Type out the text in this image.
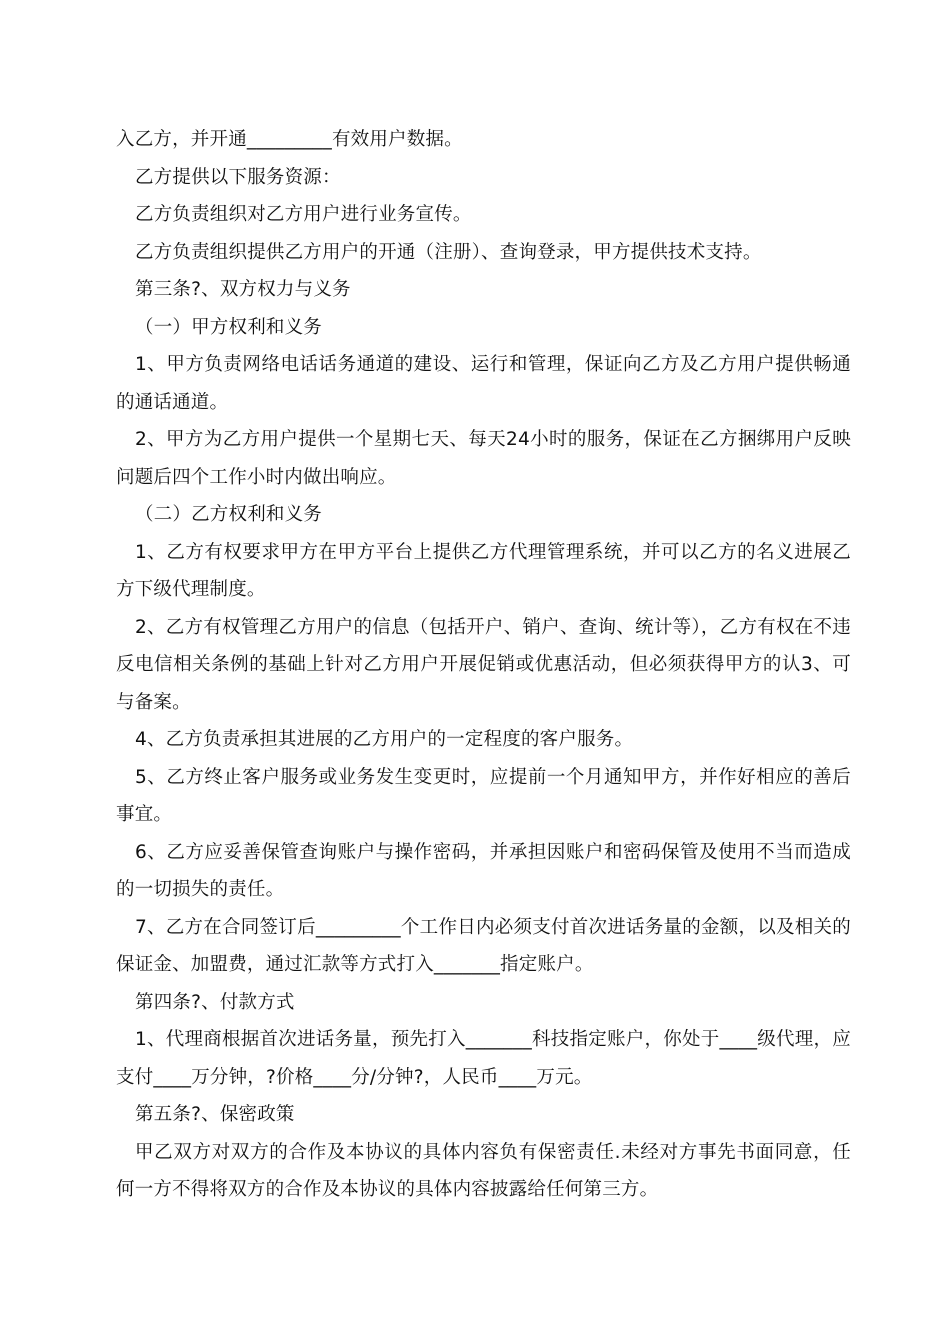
入乙方，并开通_________有效用户数据。

乙方提供以下服务资源：

乙方负责组织对乙方用户进行业务宣传。

乙方负责组织提供乙方用户的开通（注册）、查询登录，甲方提供技术支持。

第三条?、双方权力与义务

（一）甲方权利和义务

1、甲方负责网络电话话务通道的建设、运行和管理，保证向乙方及乙方用户提供畅通的通话通道。

2、甲方为乙方用户提供一个星期七天、每天24小时的服务，保证在乙方捆绑用户反映问题后四个工作小时内做出响应。

（二）乙方权利和义务

1、乙方有权要求甲方在甲方平台上提供乙方代理管理系统，并可以乙方的名义进展乙方下级代理制度。

2、乙方有权管理乙方用户的信息（包括开户、销户、查询、统计等），乙方有权在不违反电信相关条例的基础上针对乙方用户开展促销或优惠活动，但必须获得甲方的认3、可与备案。

4、乙方负责承担其进展的乙方用户的一定程度的客户服务。

5、乙方终止客户服务或业务发生变更时，应提前一个月通知甲方，并作好相应的善后事宜。

6、乙方应妥善保管查询账户与操作密码，并承担因账户和密码保管及使用不当而造成的一切损失的责任。

7、乙方在合同签订后_________个工作日内必须支付首次进话务量的金额，以及相关的保证金、加盟费，通过汇款等方式打入_______指定账户。

第四条?、付款方式

1、代理商根据首次进话务量，预先打入_______科技指定账户，你处于____级代理，应支付____万分钟，?价格____分/分钟?，人民币____万元。

第五条?、保密政策

甲乙双方对双方的合作及本协议的具体内容负有保密责任.未经对方事先书面同意，任何一方不得将双方的合作及本协议的具体内容披露给任何第三方。
